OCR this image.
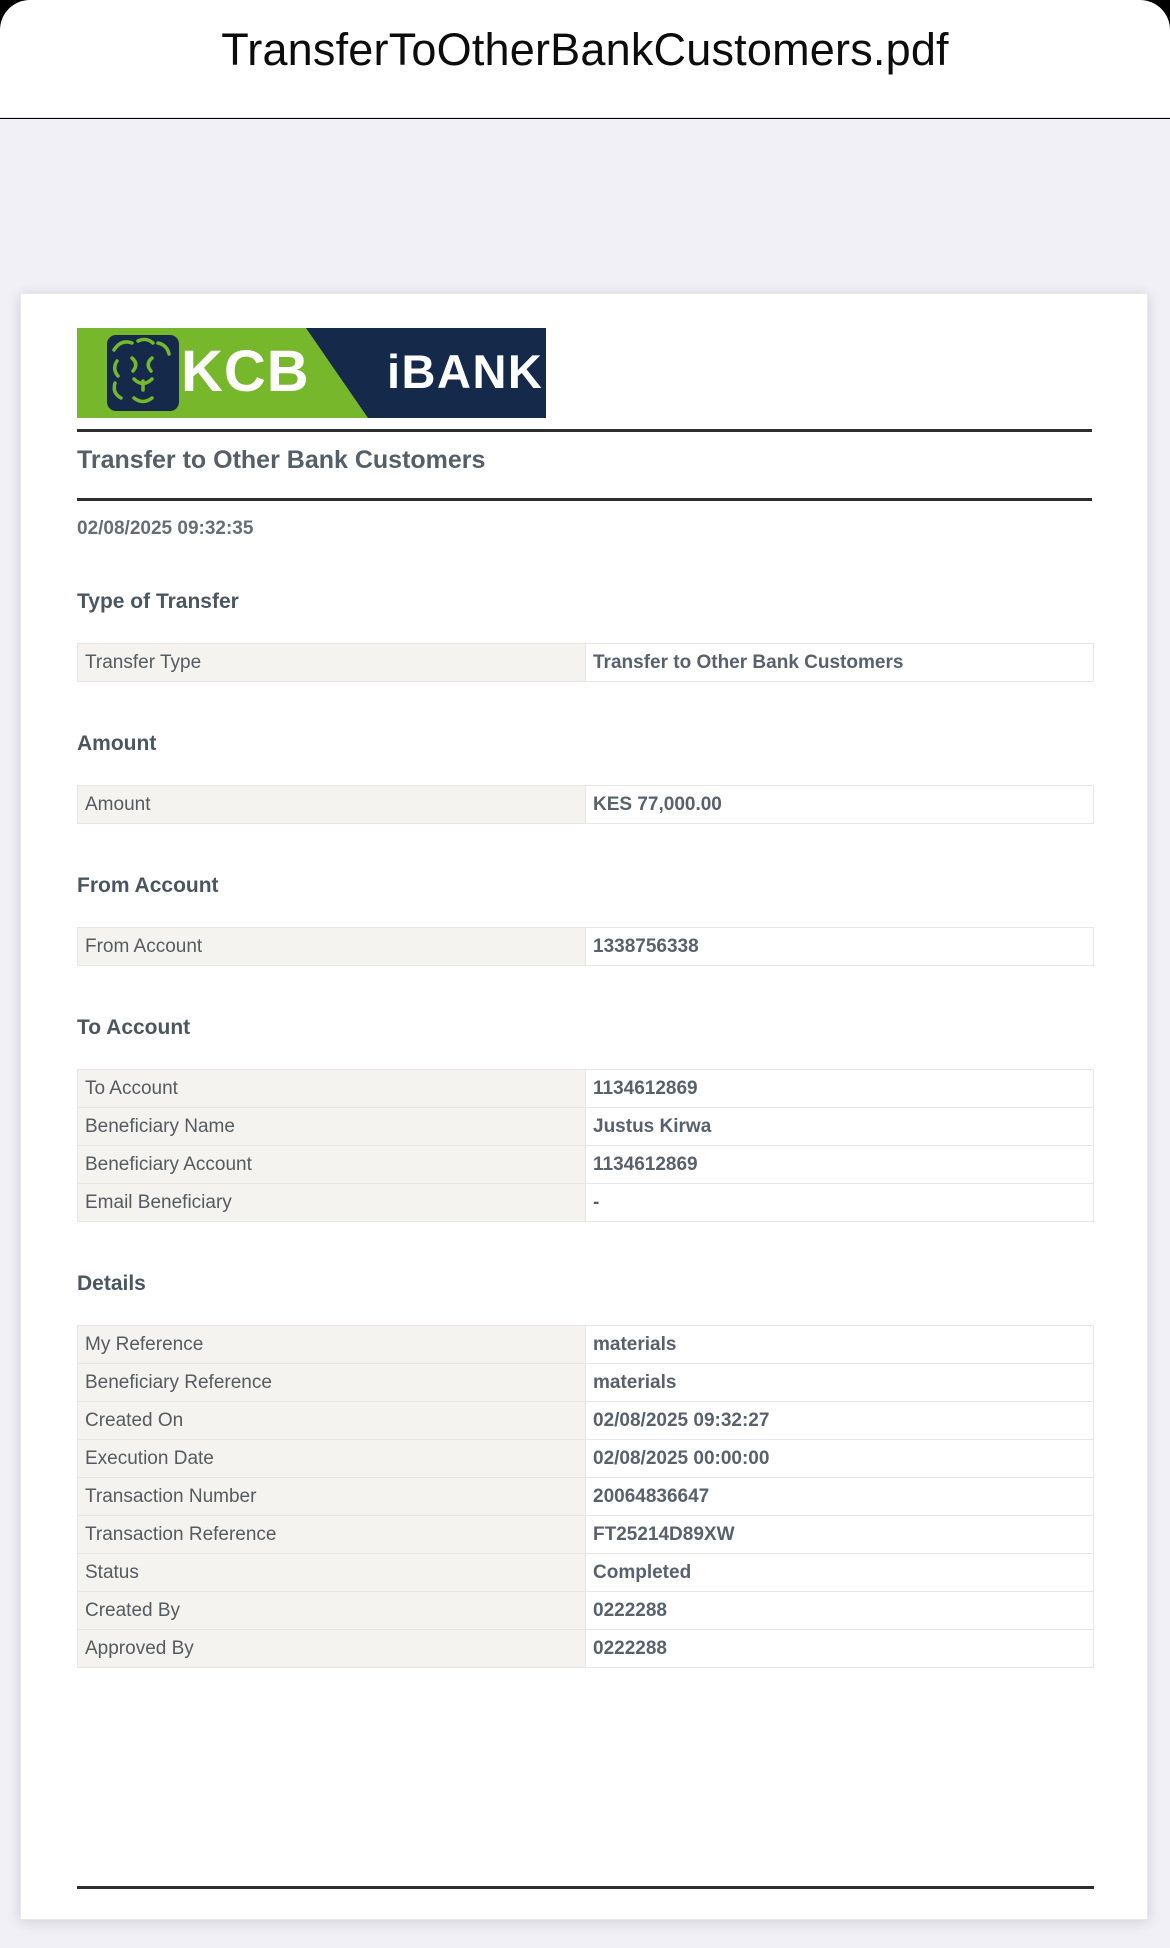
TransferToOtherBankCustomers.pdf
KCB iBANK
Transfer to Other Bank Customers
02/08/2025 09:32:35
Type of Transfer
Transfer Type	Transfer to Other Bank Customers
Amount
Amount	KES 77,000.00
From Account
From Account	1338756338
To Account
To Account	1134612869
Beneficiary Name	Justus Kirwa
Beneficiary Account	1134612869
Email Beneficiary	-
Details
My Reference	materials
Beneficiary Reference	materials
Created On	02/08/2025 09:32:27
Execution Date	02/08/2025 00:00:00
Transaction Number	20064836647
Transaction Reference	FT25214D89XW
Status	Completed
Created By	0222288
Approved By	0222288
